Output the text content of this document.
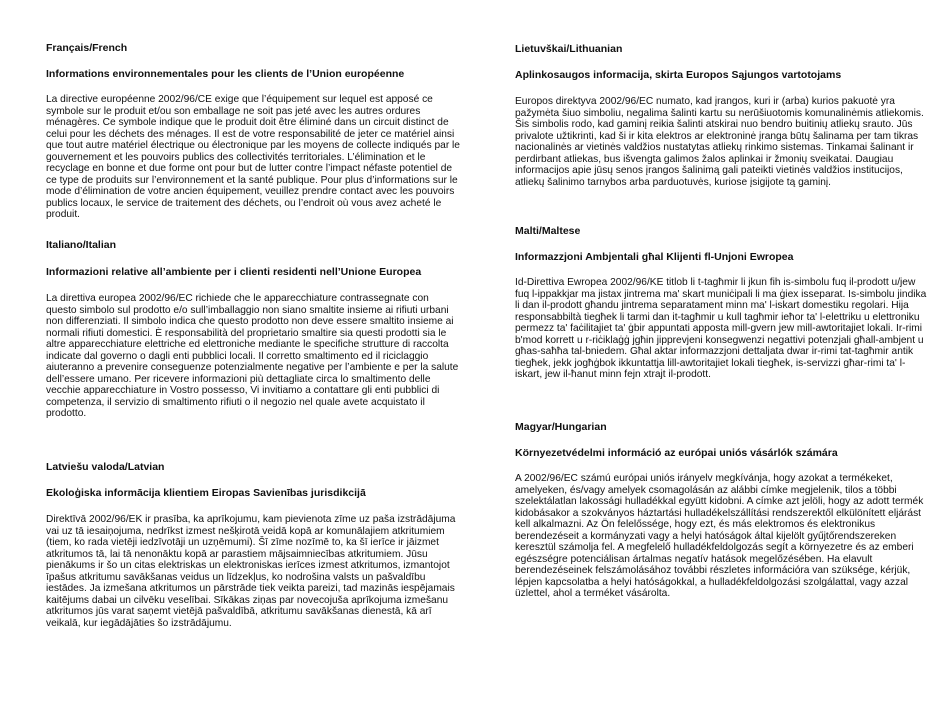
Français/French

Informations environnementales pour les clients de l’Union européenne

La directive européenne 2002/96/CE exige que l’équipement sur lequel est apposé ce symbole sur le produit et/ou son emballage ne soit pas jeté avec les autres ordures ménagères. Ce symbole indique que le produit doit être éliminé dans un circuit distinct de celui pour les déchets des ménages. Il est de votre responsabilité de jeter ce matériel ainsi que tout autre matériel électrique ou électronique par les moyens de collecte indiqués par le gouvernement et les pouvoirs publics des collectivités territoriales. L’élimination et le recyclage en bonne et due forme ont pour but de lutter contre l’impact néfaste potentiel de ce type de produits sur l’environnement et la santé publique. Pour plus d’informations sur le mode d’élimination de votre ancien équipement, veuillez prendre contact avec les pouvoirs publics locaux, le service de traitement des déchets, ou l’endroit où vous avez acheté le produit.

Italiano/Italian

Informazioni relative all’ambiente per i clienti residenti nell’Unione Europea

La direttiva europea 2002/96/EC richiede che le apparecchiature contrassegnate con questo simbolo sul prodotto e/o sull’imballaggio non siano smaltite insieme ai rifiuti urbani non differenziati. Il simbolo indica che questo prodotto non deve essere smaltito insieme ai normali rifiuti domestici. È responsabilità del proprietario smaltire sia questi prodotti sia le altre apparecchiature elettriche ed elettroniche mediante le specifiche strutture di raccolta indicate dal governo o dagli enti pubblici locali. Il corretto smaltimento ed il riciclaggio aiuteranno a prevenire conseguenze potenzialmente negative per l’ambiente e per la salute dell’essere umano. Per ricevere informazioni più dettagliate circa lo smaltimento delle vecchie apparecchiature in Vostro possesso, Vi invitiamo a contattare gli enti pubblici di competenza, il servizio di smaltimento rifiuti o il negozio nel quale avete acquistato il prodotto.

Latviešu valoda/Latvian

Ekoloģiska informācija klientiem Eiropas Savienības jurisdikcijā

Direktīvā 2002/96/EK ir prasība, ka aprīkojumu, kam pievienota zīme uz paša izstrādājuma vai uz tā iesaiņojuma, nedrīkst izmest nešķirotā veidā kopā ar komunālajiem atkritumiem (tiem, ko rada vietēji iedzīvotāji un uzņēmumi). Šī zīme nozīmē to, ka šī ierīce ir jāizmet atkritumos tā, lai tā nenonāktu kopā ar parastiem mājsaimniecības atkritumiem. Jūsu pienākums ir šo un citas elektriskas un elektroniskas ierīces izmest atkritumos, izmantojot īpašus atkritumu savākšanas veidus un līdzekļus, ko nodrošina valsts un pašvaldību iestādes. Ja izmešana atkritumos un pārstrāde tiek veikta pareizi, tad mazinās iespējamais kaitējums dabai un cilvēku veselībai. Sīkākas ziņas par novecojuša aprīkojuma izmešanu atkritumos jūs varat saņemt vietējā pašvaldībā, atkritumu savākšanas dienestā, kā arī veikalā, kur iegādājāties šo izstrādājumu.

Lietuvškai/Lithuanian

Aplinkosaugos informacija, skirta Europos Sąjungos vartotojams

Europos direktyva 2002/96/EC numato, kad įrangos, kuri ir (arba) kurios pakuotė yra pažymėta šiuo simboliu, negalima šalinti kartu su nerūšiuotomis komunalinėmis atliekomis. Šis simbolis rodo, kad gaminį reikia šalinti atskirai nuo bendro buitinių atliekų srauto. Jūs privalote užtikrinti, kad ši ir kita elektros ar elektroninė įranga būtų šalinama per tam tikras nacionalinės ar vietinės valdžios nustatytas atliekų rinkimo sistemas. Tinkamai šalinant ir perdirbant atliekas, bus išvengta galimos žalos aplinkai ir žmonių sveikatai. Daugiau informacijos apie jūsų senos įrangos šalinimą gali pateikti vietinės valdžios institucijos, atliekų šalinimo tarnybos arba parduotuvės, kuriose įsigijote tą gaminį.

Malti/Maltese

Informazzjoni Ambjentali għal Klijenti fl-Unjoni Ewropea

Id-Direttiva Ewropea 2002/96/KE titlob li t-tagħmir li jkun fih is-simbolu fuq il-prodott u/jew fuq l-ippakkjar ma jistax jintrema ma' skart muniċipali li ma ġiex isseparat. Is-simbolu jindika li dan il-prodott għandu jintrema separatament minn ma' l-iskart domestiku regolari. Hija responsabbiltà tiegħek li tarmi dan it-tagħmir u kull tagħmir ieħor ta' l-elettriku u elettroniku permezz ta' faċilitajiet ta' ġbir appuntati apposta mill-gvern jew mill-awtoritajiet lokali. Ir-rimi b'mod korrett u r-riċiklaġġ jgħin jipprevjeni konsegwenzi negattivi potenzjali għall-ambjent u għas-saħħa tal-bniedem. Għal aktar informazzjoni dettaljata dwar ir-rimi tat-tagħmir antik tiegħek, jekk jogħġbok ikkuntattja lill-awtoritajiet lokali tiegħek, is-servizzi għar-rimi ta' l-iskart, jew il-ħanut minn fejn xtrajt il-prodott.

Magyar/Hungarian

Környezetvédelmi információ az európai uniós vásárlók számára

A 2002/96/EC számú európai uniós irányelv megkívánja, hogy azokat a termékeket, amelyeken, és/vagy amelyek csomagolásán az alábbi címke megjelenik, tilos a többi szelektálatlan lakossági hulladékkal együtt kidobni. A címke azt jelöli, hogy az adott termék kidobásakor a szokványos háztartási hulladékelszállítási rendszerektől elkülönített eljárást kell alkalmazni. Az Ön felelőssége, hogy ezt, és más elektromos és elektronikus berendezéseit a kormányzati vagy a helyi hatóságok által kijelölt gyűjtőrendszereken keresztül számolja fel. A megfelelő hulladékfeldolgozás segít a környezetre és az emberi egészségre potenciálisan ártalmas negatív hatások megelőzésében. Ha elavult berendezéseinek felszámolásához további részletes információra van szüksége, kérjük, lépjen kapcsolatba a helyi hatóságokkal, a hulladékfeldolgozási szolgálattal, vagy azzal üzlettel, ahol a terméket vásárolta.
